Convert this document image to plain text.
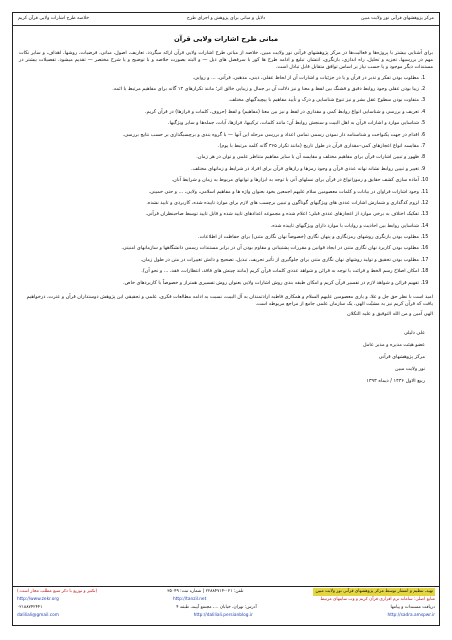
مرکز پژوهشهای قرآنی نور ولایت مبین
دلایل و مبانی برای پژوهش و اجرای طرح
خلاصه طرح اشارات ولایی قرآن کریم
مبانی طرح اشارات ولایی قرآن

برای آشنایی بیشتر با پروژه‌ها و فعالیت‌ها در مرکز پژوهشهای قرآنی نور ولایت مبین، خلاصه از مبانی طرح اشارات ولایی قرآن ارائه میگردد. تعاریف، اصول، مبانی، فرضیات، روشها، اهداف، و سایر نکات مهم در بررسیها، تجزیه و تحلیل، راه اندازی، بازنگری، انتشار، تبلیغ و ادامه طرح ها کور با سرفصل های ذیل — و البته بصورت خلاصه و با توضیح و یا شرح مختصر — تقدیم میشود. تفصیلات بیشتر در مستندات دیگر موجود و یا حسب نیاز بر اساس توافق متقابل قابل تبادل است.

1. مطلوب بودن تفکر و تدبر در قرآن و یا در جزئیات و اشارات آن از لحاظ عقلی، دینی، مذهبی، قرآنی، ... و روایی.
2. زیبا بودن عقلی وجود روابط دقیق و قشنگ بین لفظ و معنا و نیز دلالت آن بر جمال و زیبایی خالق اثر؛ مانند تکرارهای ۱۴ گانه برای مفاهیم مرتبط با ائمه.
3. متفاوت بودن سطوح عقل بشر و نیز تنوع شناسایی و درک و تأیید مفاهیم با پیچیدگیهای مختلف.
4. تعریف و بررسی و شناسایی انواع روابط کمی و مقداری در لفظ و نیز بین معنا (مفاهیم) و لفظ (حروف، کلمات و فرازها) در قرآن کریم.
5. شناسایی موارد و اشارات قرآن به اهل البیت و سنجش روابط آن؛ مانند کلمات، ترکیبها، فرازها، آیات، جمله‌ها و سایر ویژگیها.
6. اقدام در جهت یکنواخت و شناسنامه دار نمودن رسمی تمامی اعداد و بررسی مرحله این آنها — با گروه بندی و برچسبگذاری بر حسب نتایج بررسی.
7. مقایسه انواع اعجازهای کمی–مقداری قرآن در طول تاریخ (مانند تکرار ۳۶۵ گانه کلمه مرتبط با یوم).
8. ظهور و تبیین اشارات قرآن برای مفاهیم مختلف و مقایسه آن با سایر مفاهیم متناظر علمی و توان در هر زمان.
9. تغییر و تبیین روابط نشانه نهانه عددی قرآن و وجود رمزها و رازهای قرآن برای افراد در شرایط و زمانهای مختلف.
10. آماده سازی کشف حقایق و رموزانواع در قرآن برای نسلهای آتی با توجه به ابزارها و توانهای مربوط به زمان و شرایط آنان.
11. وجود اشارات فراوان در بیانات و کلمات معصومین سلام علیهم اجمعین بخود بعنوان واژه ها و مفاهیم اسلامی، ولایی، ... و حتی خمینی.
12. لزوم کدگذاری و شمارش اشارات عددی های ویژگیهای گوناگون و تبیین برچسب های لازم برای موارد تاییده شده، کاربردی و تایید نشده.
13. تفکیک اختلاف به برخی موارد از اعجازهای عددی قبلی؛ اعلام شده و مجموعه اعدادهای تایید شده و قابل تایید توسط صاحبنظران قرآنی.
14. شناسایی روابط بین احادیث و روایات با موارد دارای ویژگیهای تاییده شده.
15. مطلوب بودن بازنگری روشهای رمزنگاری و پنهان نگاری (خصوصاً نهان نگاری متنی) برای حفاظت از اطلاعات.
16. مطلوب بودن کاربرد نهان نگاری متنی در ایجاد قوانین و مقررات پشتیبانی و مقاوم بودن آن در برابر مستندات رسمی دانشگاهها و سازمانهای امنیتی.
17. مطلوب بودن تحقیق و تولید روشهای نهان نگاری متنی برای جلوگیری از تأثیر تحریف، تبدیل، تصحیح و دانش تغییرات در متن در طول زمان.
18. امکان اصلاح رسم الخط و قرائت با توجه به قرائن و شواهد عددی کلمات قرآن کریم (مانند چینش های فاقد، انتظارات، فقد، ... و نحو آن).
19. تفهیم قرائن و شواهد لازم در تفسیر قرآن کریم و امکان طبقه بندی روش اشارات ولایی بعنوان روش تفسیری همتراز و خصوصاً با کاربردهای خاص.
امید است با نظر حق جل و علا، و یاری معصومین علیهم السلام و همکاری قاطبه ارادتمندان به آل البیت، نسبت به ادامه مطالعات فکری، علمی و تحقیقی این پژوهش دوستداران قرآن و عترت، درخواهیم یافت که قرآن کریم نیز به مشیّت الهی، یک سازمان علمی جامع از مراجع مربوطه است.
الهی آمین و من الله التوفیق و علیه التکلان
علی دلیلی
عضو هیئت مدیره و مدیر عامل
مرکز پژوهشهای قرآنی
نور ولایت مبین
ربیع الاول ۱۴۳۶ / دیماه ۱۳۹۳
تهیه، تنظیم و انتشار توسط مرکز پژوهشهای قرآنی نور ولایت مبین
تلفن: ۰۲۱-۲۲۸۸۴۷۱۴ | شماره ثبت: ۳۵۰۴۹
(تکثیر و توزیع با ذکر منبع مطلب مجاز است.)
منابع اصلی: سامانه نرم افزاری قرآن کریم و وب سایتهای مرتبط
http://tanzil.net
http://www.zekr.org
دریافت مستندات و پیامها
آدرس: تهران، خیابان ...، مجتمع آیینه، طبقه ۴
۰۲۱۸۸۷۴۲۴۴۱
http://sadra.amspwr.ir
http://daliliali.persianblog.ir
daliliali@gmail.com
